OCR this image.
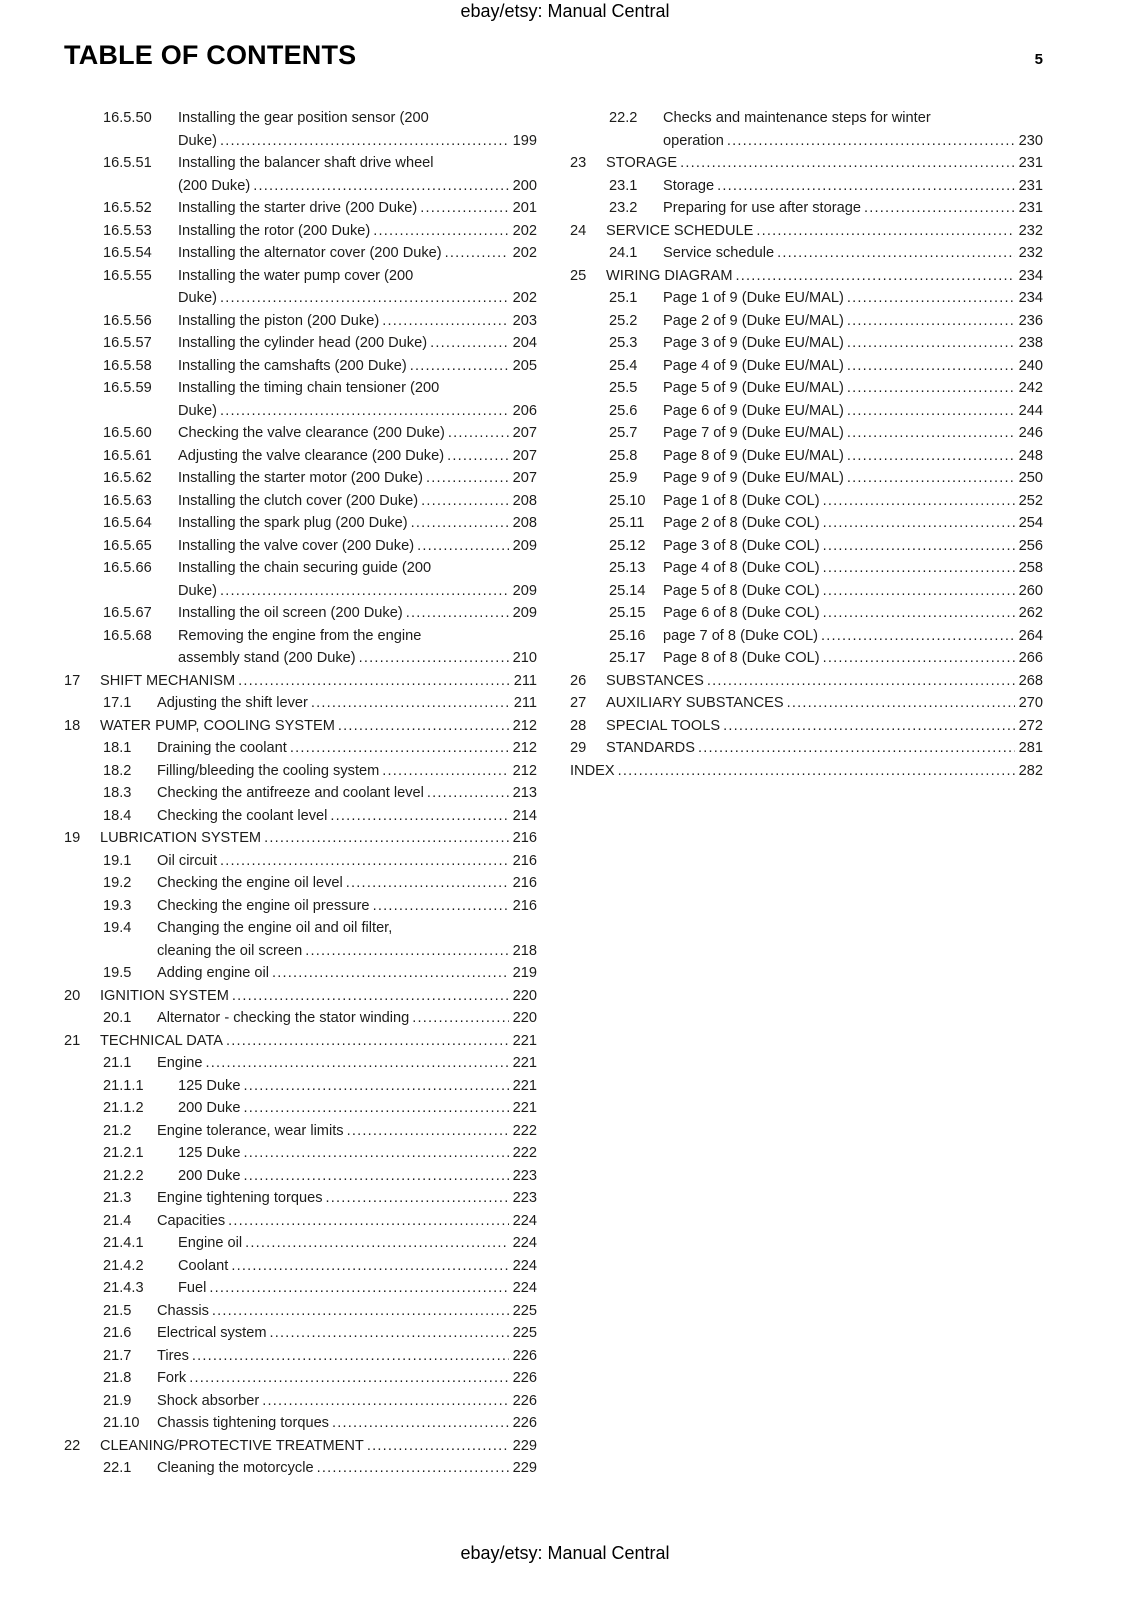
ebay/etsy: Manual Central
TABLE OF CONTENTS	5
16.5.50	Installing the gear position sensor (200
Duke) .....	199
16.5.51	Installing the balancer shaft drive wheel
(200 Duke) .....	200
16.5.52	Installing the starter drive (200 Duke) .....	201
16.5.53	Installing the rotor (200 Duke) .....	202
16.5.54	Installing the alternator cover (200 Duke) .....	202
16.5.55	Installing the water pump cover (200
Duke) .....	202
16.5.56	Installing the piston (200 Duke) .....	203
16.5.57	Installing the cylinder head (200 Duke) .....	204
16.5.58	Installing the camshafts (200 Duke) .....	205
16.5.59	Installing the timing chain tensioner (200
Duke) .....	206
16.5.60	Checking the valve clearance (200 Duke) .....	207
16.5.61	Adjusting the valve clearance (200 Duke) .....	207
16.5.62	Installing the starter motor (200 Duke) .....	207
16.5.63	Installing the clutch cover (200 Duke) .....	208
16.5.64	Installing the spark plug (200 Duke) .....	208
16.5.65	Installing the valve cover (200 Duke) .....	209
16.5.66	Installing the chain securing guide (200
Duke) .....	209
16.5.67	Installing the oil screen (200 Duke) .....	209
16.5.68	Removing the engine from the engine
assembly stand (200 Duke) .....	210
17	SHIFT MECHANISM .....	211
17.1	Adjusting the shift lever .....	211
18	WATER PUMP, COOLING SYSTEM .....	212
18.1	Draining the coolant .....	212
18.2	Filling/bleeding the cooling system .....	212
18.3	Checking the antifreeze and coolant level .....	213
18.4	Checking the coolant level .....	214
19	LUBRICATION SYSTEM .....	216
19.1	Oil circuit .....	216
19.2	Checking the engine oil level .....	216
19.3	Checking the engine oil pressure .....	216
19.4	Changing the engine oil and oil filter,
cleaning the oil screen .....	218
19.5	Adding engine oil .....	219
20	IGNITION SYSTEM .....	220
20.1	Alternator - checking the stator winding .....	220
21	TECHNICAL DATA .....	221
21.1	Engine .....	221
21.1.1	125 Duke .....	221
21.1.2	200 Duke .....	221
21.2	Engine tolerance, wear limits .....	222
21.2.1	125 Duke .....	222
21.2.2	200 Duke .....	223
21.3	Engine tightening torques .....	223
21.4	Capacities .....	224
21.4.1	Engine oil .....	224
21.4.2	Coolant .....	224
21.4.3	Fuel .....	224
21.5	Chassis .....	225
21.6	Electrical system .....	225
21.7	Tires .....	226
21.8	Fork .....	226
21.9	Shock absorber .....	226
21.10	Chassis tightening torques .....	226
22	CLEANING/PROTECTIVE TREATMENT .....	229
22.1	Cleaning the motorcycle .....	229
22.2	Checks and maintenance steps for winter
operation .....	230
23	STORAGE .....	231
23.1	Storage .....	231
23.2	Preparing for use after storage .....	231
24	SERVICE SCHEDULE .....	232
24.1	Service schedule .....	232
25	WIRING DIAGRAM .....	234
25.1	Page 1 of 9 (Duke EU/MAL) .....	234
25.2	Page 2 of 9 (Duke EU/MAL) .....	236
25.3	Page 3 of 9 (Duke EU/MAL) .....	238
25.4	Page 4 of 9 (Duke EU/MAL) .....	240
25.5	Page 5 of 9 (Duke EU/MAL) .....	242
25.6	Page 6 of 9 (Duke EU/MAL) .....	244
25.7	Page 7 of 9 (Duke EU/MAL) .....	246
25.8	Page 8 of 9 (Duke EU/MAL) .....	248
25.9	Page 9 of 9 (Duke EU/MAL) .....	250
25.10	Page 1 of 8 (Duke COL) .....	252
25.11	Page 2 of 8 (Duke COL) .....	254
25.12	Page 3 of 8 (Duke COL) .....	256
25.13	Page 4 of 8 (Duke COL) .....	258
25.14	Page 5 of 8 (Duke COL) .....	260
25.15	Page 6 of 8 (Duke COL) .....	262
25.16	page 7 of 8 (Duke COL) .....	264
25.17	Page 8 of 8 (Duke COL) .....	266
26	SUBSTANCES .....	268
27	AUXILIARY SUBSTANCES .....	270
28	SPECIAL TOOLS .....	272
29	STANDARDS .....	281
INDEX .....	282
ebay/etsy: Manual Central
